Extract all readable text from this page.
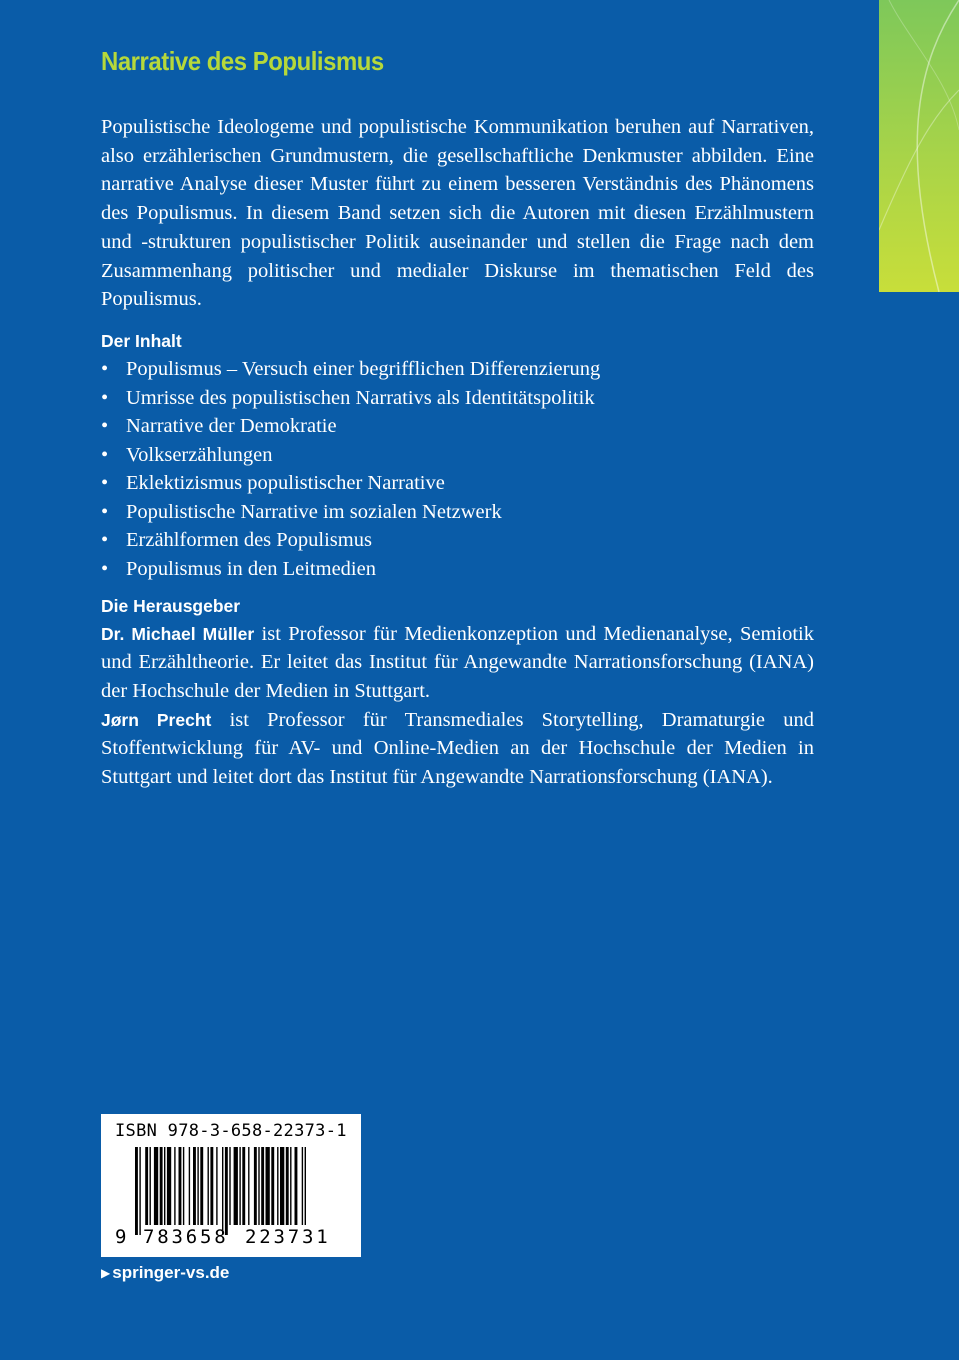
Narrative des Populismus

Populistische Ideologeme und populistische Kommunikation beruhen auf Narrativen, also erzählerischen Grundmustern, die gesellschaftliche Denkmuster abbilden. Eine narrative Analyse dieser Muster führt zu einem besseren Verständnis des Phänomens des Populismus. In diesem Band setzen sich die Autoren mit diesen Erzählmustern und -strukturen populistischer Politik auseinander und stellen die Frage nach dem Zusammenhang politischer und medialer Diskurse im thematischen Feld des Populismus.

Der Inhalt
• Populismus – Versuch einer begrifflichen Differenzierung
• Umrisse des populistischen Narrativs als Identitätspolitik
• Narrative der Demokratie
• Volkserzählungen
• Eklektizismus populistischer Narrative
• Populistische Narrative im sozialen Netzwerk
• Erzählformen des Populismus
• Populismus in den Leitmedien
Die Herausgeber

Dr. Michael Müller ist Professor für Medienkonzeption und Medienanalyse, Semiotik und Erzähltheorie. Er leitet das Institut für Angewandte Narrationsforschung (IANA) der Hochschule der Medien in Stuttgart.

Jørn Precht ist Professor für Transmediales Storytelling, Dramaturgie und Stoffentwicklung für AV- und Online-Medien an der Hochschule der Medien in Stuttgart und leitet dort das Institut für Angewandte Narrationsforschung (IANA).

ISBN 978-3-658-22373-1
9 783658 223731
▶ springer-vs.de
